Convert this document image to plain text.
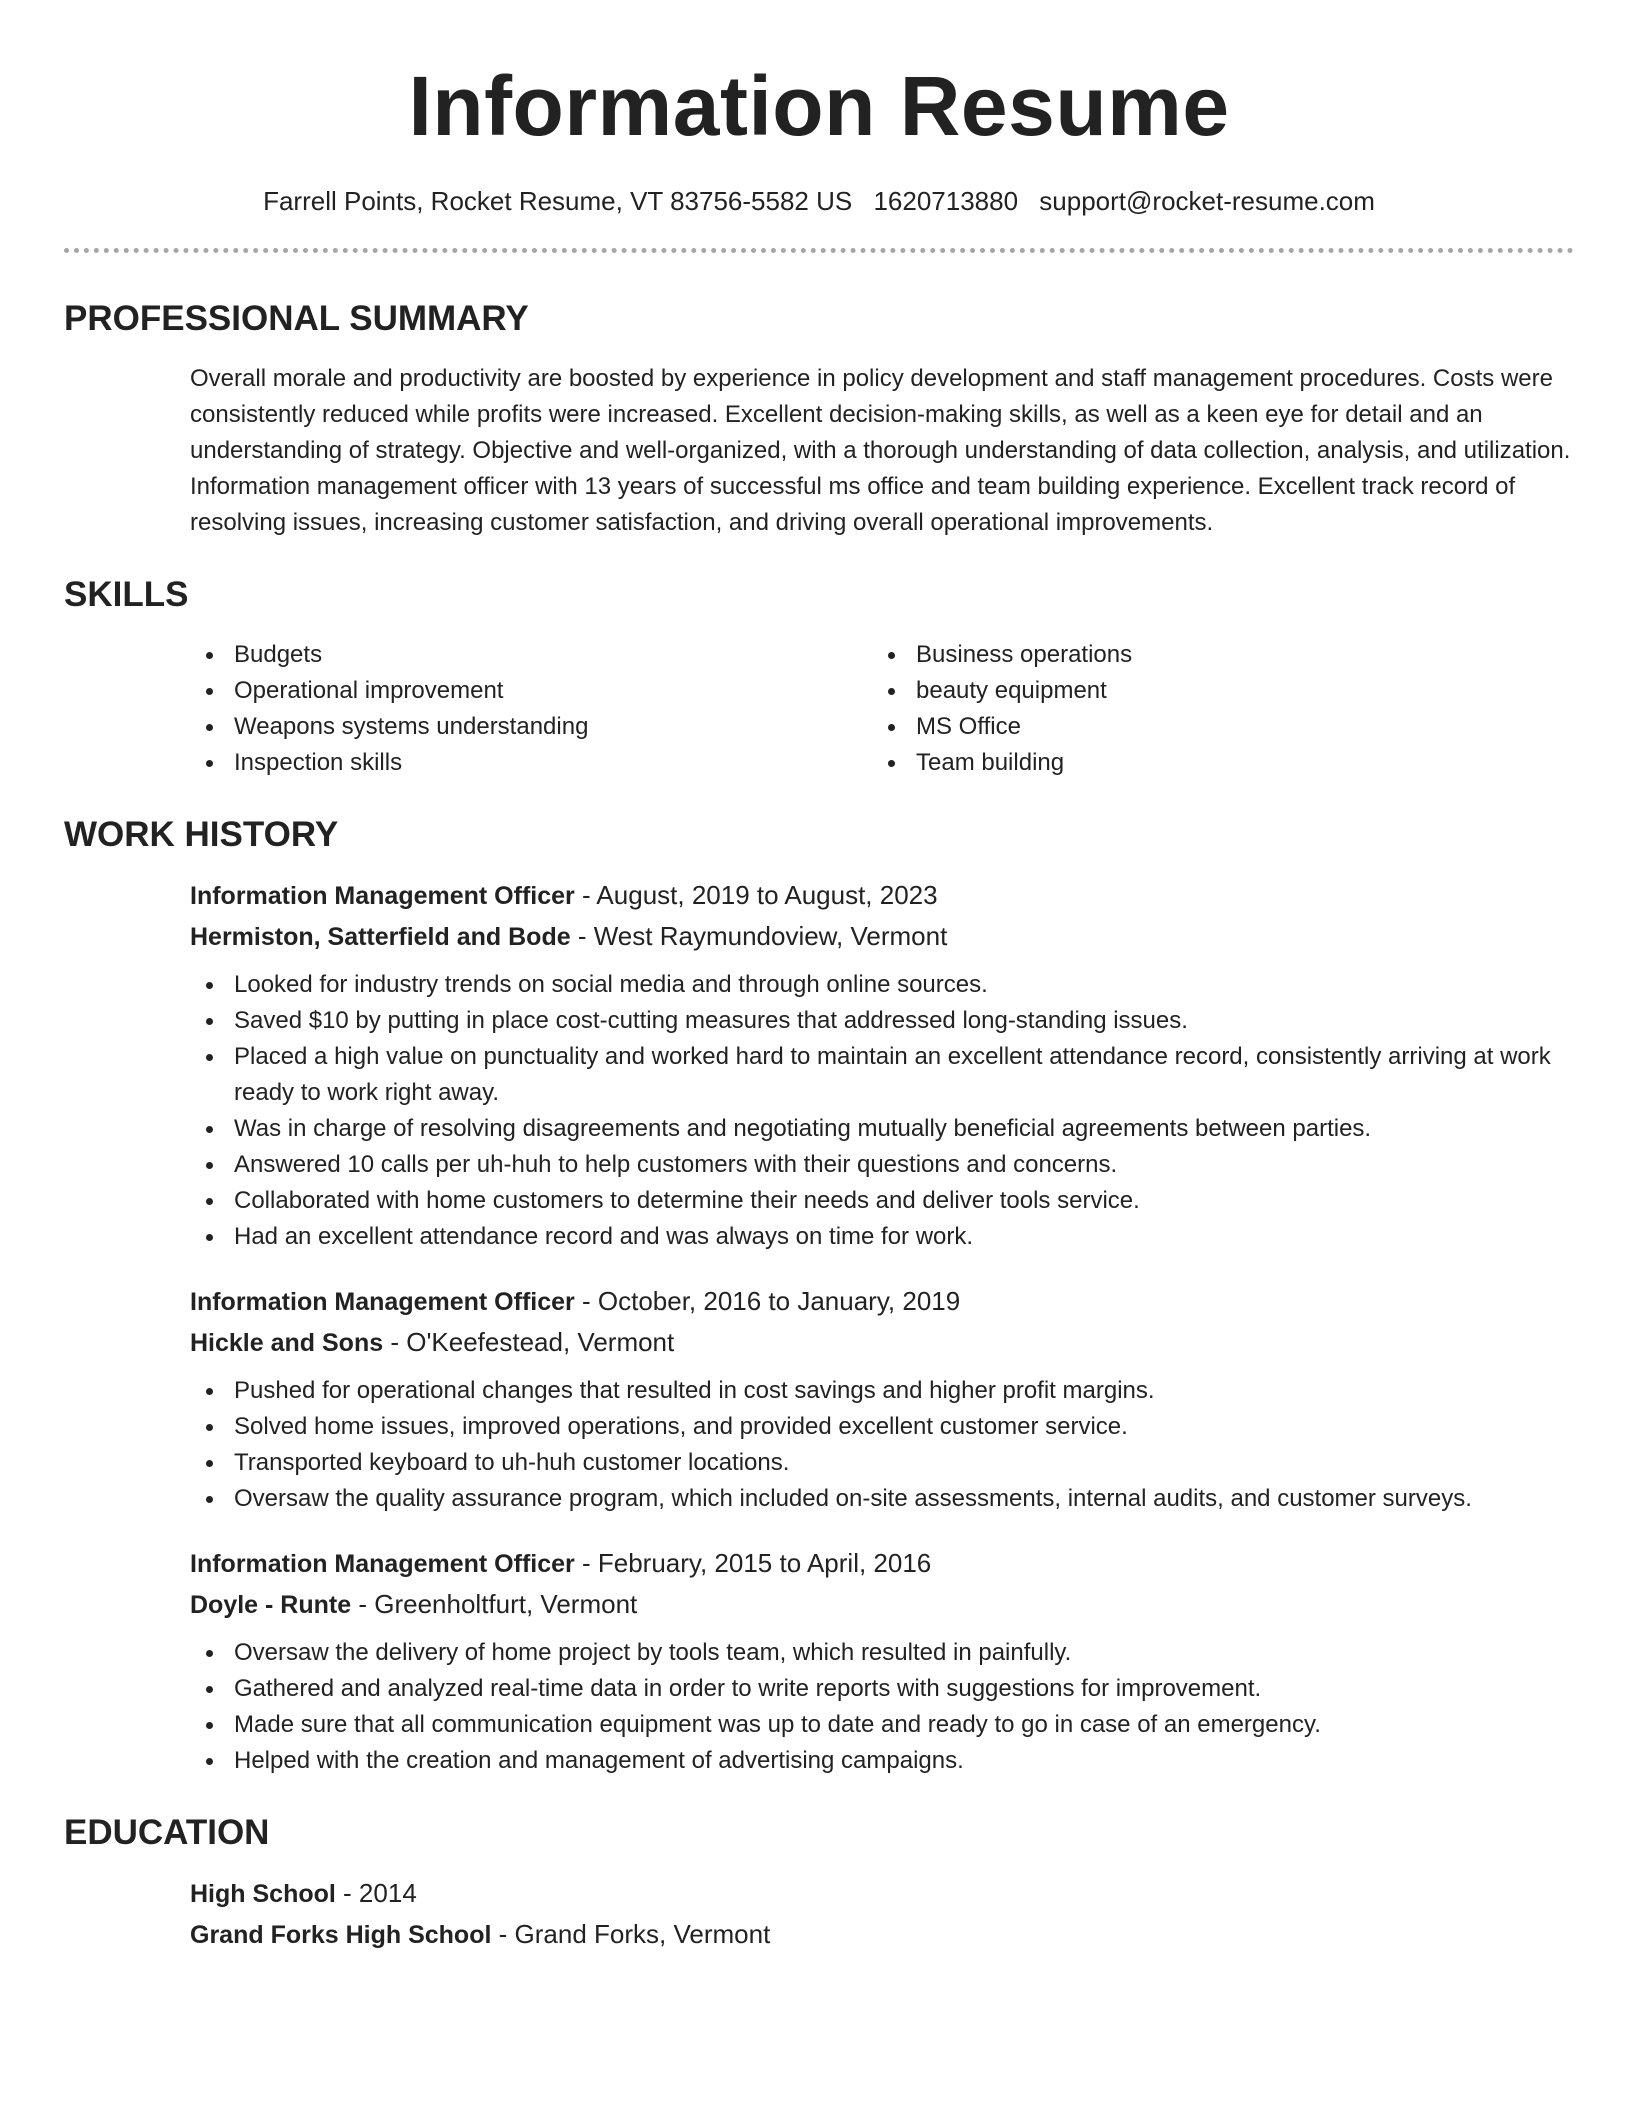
Information Resume
Farrell Points, Rocket Resume, VT 83756-5582 US 1620713880 support@rocket-resume.com
PROFESSIONAL SUMMARY

Overall morale and productivity are boosted by experience in policy development and staff management procedures. Costs were consistently reduced while profits were increased. Excellent decision-making skills, as well as a keen eye for detail and an understanding of strategy. Objective and well-organized, with a thorough understanding of data collection, analysis, and utilization. Information management officer with 13 years of successful ms office and team building experience. Excellent track record of resolving issues, increasing customer satisfaction, and driving overall operational improvements.

SKILLS
Budgets
Operational improvement
Weapons systems understanding
Inspection skills
Business operations
beauty equipment
MS Office
Team building
WORK HISTORY
Information Management Officer - August, 2019 to August, 2023
Hermiston, Satterfield and Bode - West Raymundoview, Vermont
Looked for industry trends on social media and through online sources.
Saved $10 by putting in place cost-cutting measures that addressed long-standing issues.
Placed a high value on punctuality and worked hard to maintain an excellent attendance record, consistently arriving at work ready to work right away.
Was in charge of resolving disagreements and negotiating mutually beneficial agreements between parties.
Answered 10 calls per uh-huh to help customers with their questions and concerns.
Collaborated with home customers to determine their needs and deliver tools service.
Had an excellent attendance record and was always on time for work.
Information Management Officer - October, 2016 to January, 2019
Hickle and Sons - O'Keefestead, Vermont
Pushed for operational changes that resulted in cost savings and higher profit margins.
Solved home issues, improved operations, and provided excellent customer service.
Transported keyboard to uh-huh customer locations.
Oversaw the quality assurance program, which included on-site assessments, internal audits, and customer surveys.
Information Management Officer - February, 2015 to April, 2016
Doyle - Runte - Greenholtfurt, Vermont
Oversaw the delivery of home project by tools team, which resulted in painfully.
Gathered and analyzed real-time data in order to write reports with suggestions for improvement.
Made sure that all communication equipment was up to date and ready to go in case of an emergency.
Helped with the creation and management of advertising campaigns.
EDUCATION
High School - 2014
Grand Forks High School - Grand Forks, Vermont
